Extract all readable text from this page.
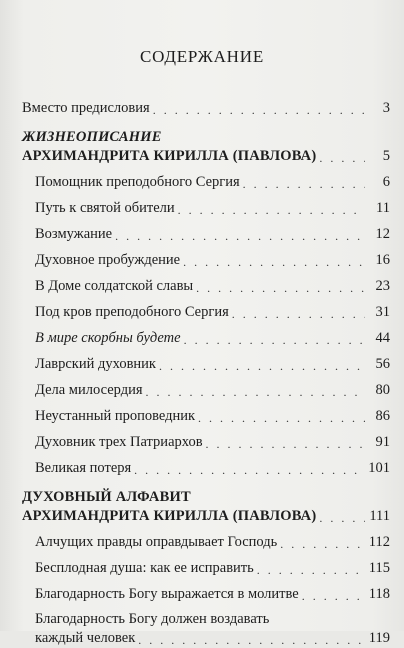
СОДЕРЖАНИЕ
Вместо предисловия . . .	3
ЖИЗНЕОПИСАНИЕ
АРХИМАНДРИТА КИРИЛЛА (ПАВЛОВА) . . .	5
Помощник преподобного Сергия . . .	6
Путь к святой обители . . .	11
Возмужание . . .	12
Духовное пробуждение . . .	16
В Доме солдатской славы . . .	23
Под кров преподобного Сергия . . .	31
В мире скорбны будете . . .	44
Лаврский духовник . . .	56
Дела милосердия . . .	80
Неустанный проповедник . . .	86
Духовник трех Патриархов . . .	91
Великая потеря . . .	101
ДУХОВНЫЙ АЛФАВИТ
АРХИМАНДРИТА КИРИЛЛА (ПАВЛОВА) . . .	111
Алчущих правды оправдывает Господь . . .	112
Бесплодная душа: как ее исправить . . .	115
Благодарность Богу выражается в молитве . . .	118
Благодарность Богу должен воздавать
каждый человек . . .	119
